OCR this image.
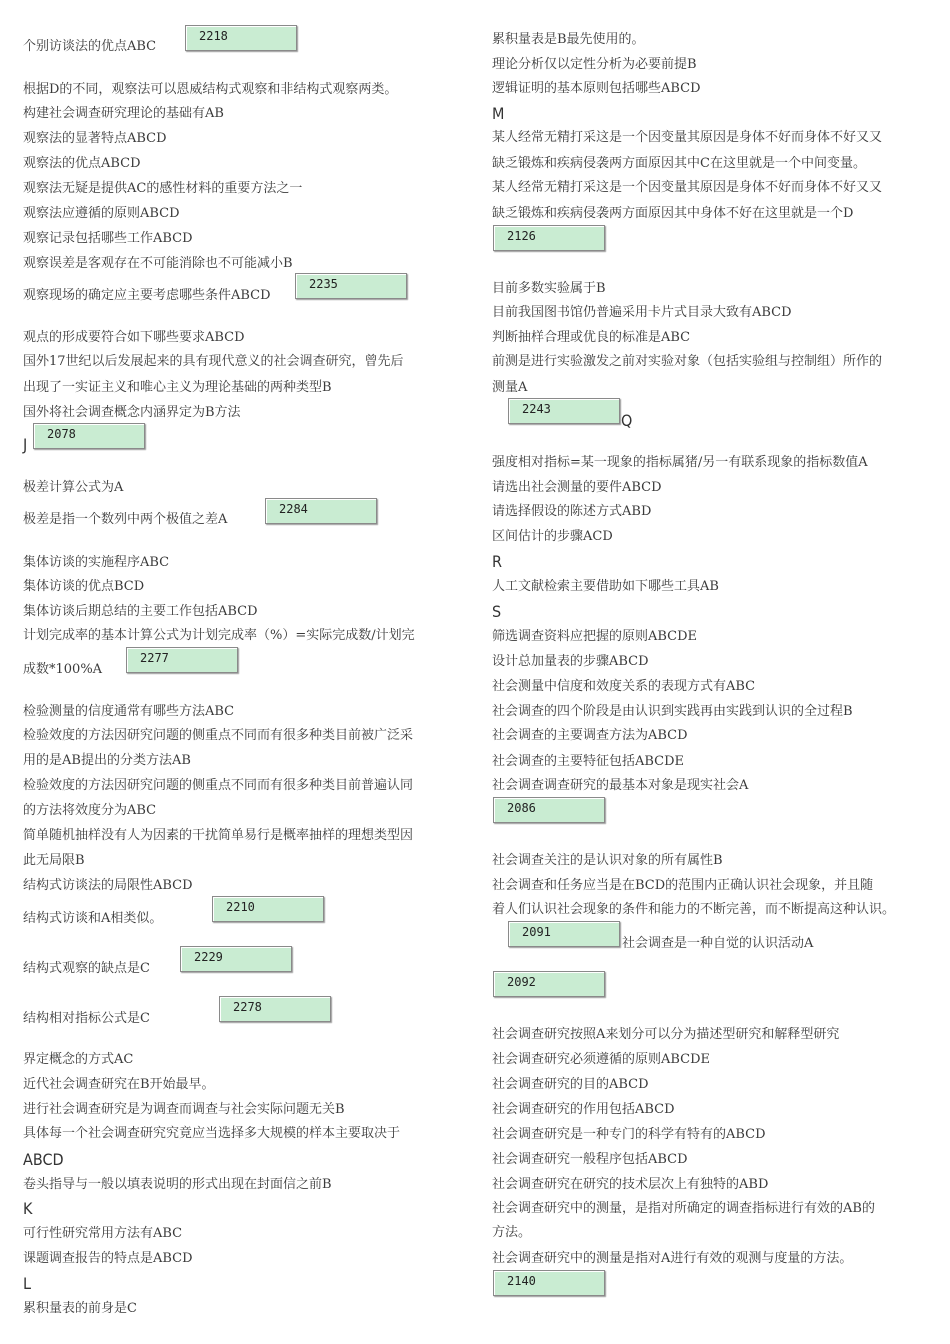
个别访谈法的优点ABC
2218
根据D的不同，观察法可以恩威结构式观察和非结构式观察两类。
构建社会调查研究理论的基础有AB
观察法的显著特点ABCD
观察法的优点ABCD
观察法无疑是提供AC的感性材料的重要方法之一
观察法应遵循的原则ABCD
观察记录包括哪些工作ABCD
观察误差是客观存在不可能消除也不可能减小B
观察现场的确定应主要考虑哪些条件ABCD
2235
观点的形成要符合如下哪些要求ABCD
国外17世纪以后发展起来的具有现代意义的社会调查研究，曾先后
出现了一实证主义和唯心主义为理论基础的两种类型B
国外将社会调查概念内涵界定为B方法
J
2078
极差计算公式为A
极差是指一个数列中两个极值之差A
2284
集体访谈的实施程序ABC
集体访谈的优点BCD
集体访谈后期总结的主要工作包括ABCD
计划完成率的基本计算公式为计划完成率（%）=实际完成数/计划完
成数*100%A
2277
检验测量的信度通常有哪些方法ABC
检验效度的方法因研究问题的侧重点不同而有很多种类目前被广泛采
用的是AB提出的分类方法AB
检验效度的方法因研究问题的侧重点不同而有很多种类目前普遍认同
的方法将效度分为ABC
简单随机抽样没有人为因素的干扰简单易行是概率抽样的理想类型因
此无局限B
结构式访谈法的局限性ABCD
结构式访谈和A相类似。
2210
结构式观察的缺点是C
2229
结构相对指标公式是C
2278
界定概念的方式AC
近代社会调查研究在B开始最早。
进行社会调查研究是为调查而调查与社会实际问题无关B
具体每一个社会调查研究究竟应当选择多大规模的样本主要取决于
ABCD
卷头指导与一般以填表说明的形式出现在封面信之前B
K
可行性研究常用方法有ABC
课题调查报告的特点是ABCD
L
累积量表的前身是C
累积量表是B最先使用的。
理论分析仅以定性分析为必要前提B
逻辑证明的基本原则包括哪些ABCD
M
某人经常无精打采这是一个因变量其原因是身体不好而身体不好又又
缺乏锻炼和疾病侵袭两方面原因其中C在这里就是一个中间变量。
某人经常无精打采这是一个因变量其原因是身体不好而身体不好又又
缺乏锻炼和疾病侵袭两方面原因其中身体不好在这里就是一个D
2126
目前多数实验属于B
目前我国图书馆仍普遍采用卡片式目录大致有ABCD
判断抽样合理或优良的标准是ABC
前测是进行实验激发之前对实验对象（包括实验组与控制组）所作的
测量A
2243
Q
强度相对指标=某一现象的指标属猪/另一有联系现象的指标数值A
请选出社会测量的要件ABCD
请选择假设的陈述方式ABD
区间估计的步骤ACD
R
人工文献检索主要借助如下哪些工具AB
S
筛选调查资料应把握的原则ABCDE
设计总加量表的步骤ABCD
社会测量中信度和效度关系的表现方式有ABC
社会调查的四个阶段是由认识到实践再由实践到认识的全过程B
社会调查的主要调查方法为ABCD
社会调查的主要特征包括ABCDE
社会调查调查研究的最基本对象是现实社会A
2086
社会调查关注的是认识对象的所有属性B
社会调查和任务应当是在BCD的范围内正确认识社会现象，并且随
着人们认识社会现象的条件和能力的不断完善，而不断提高这种认识。
2091
社会调查是一种自觉的认识活动A
2092
社会调查研究按照A来划分可以分为描述型研究和解释型研究
社会调查研究必须遵循的原则ABCDE
社会调查研究的目的ABCD
社会调查研究的作用包括ABCD
社会调查研究是一种专门的科学有特有的ABCD
社会调查研究一般程序包括ABCD
社会调查研究在研究的技术层次上有独特的ABD
社会调查研究中的测量，是指对所确定的调查指标进行有效的AB的
方法。
社会调查研究中的测量是指对A进行有效的观测与度量的方法。
2140
